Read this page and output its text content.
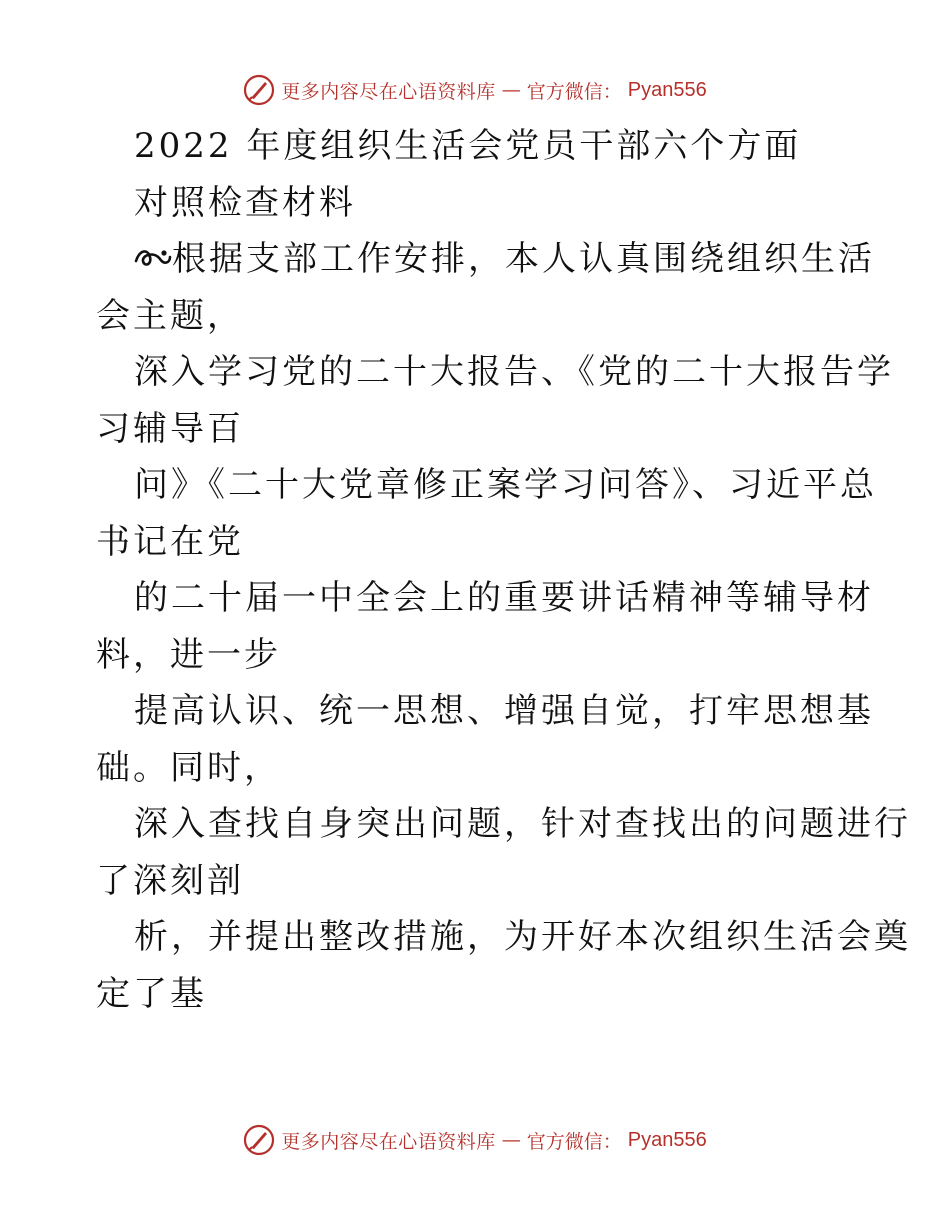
更多内容尽在心语资料库 — 官方微信： Pyan556
2022 年度组织生活会党员干部六个方面
对照检查材料
根据支部工作安排，本人认真围绕组织生活
会主题，
深入学习党的二十大报告、《党的二十大报告学
习辅导百
问》《二十大党章修正案学习问答》、习近平总
书记在党
的二十届一中全会上的重要讲话精神等辅导材
料，进一步
提高认识、统一思想、增强自觉，打牢思想基
础。同时，
深入查找自身突出问题，针对查找出的问题进行
了深刻剖
析，并提出整改措施，为开好本次组织生活会奠
定了基
更多内容尽在心语资料库 — 官方微信： Pyan556
